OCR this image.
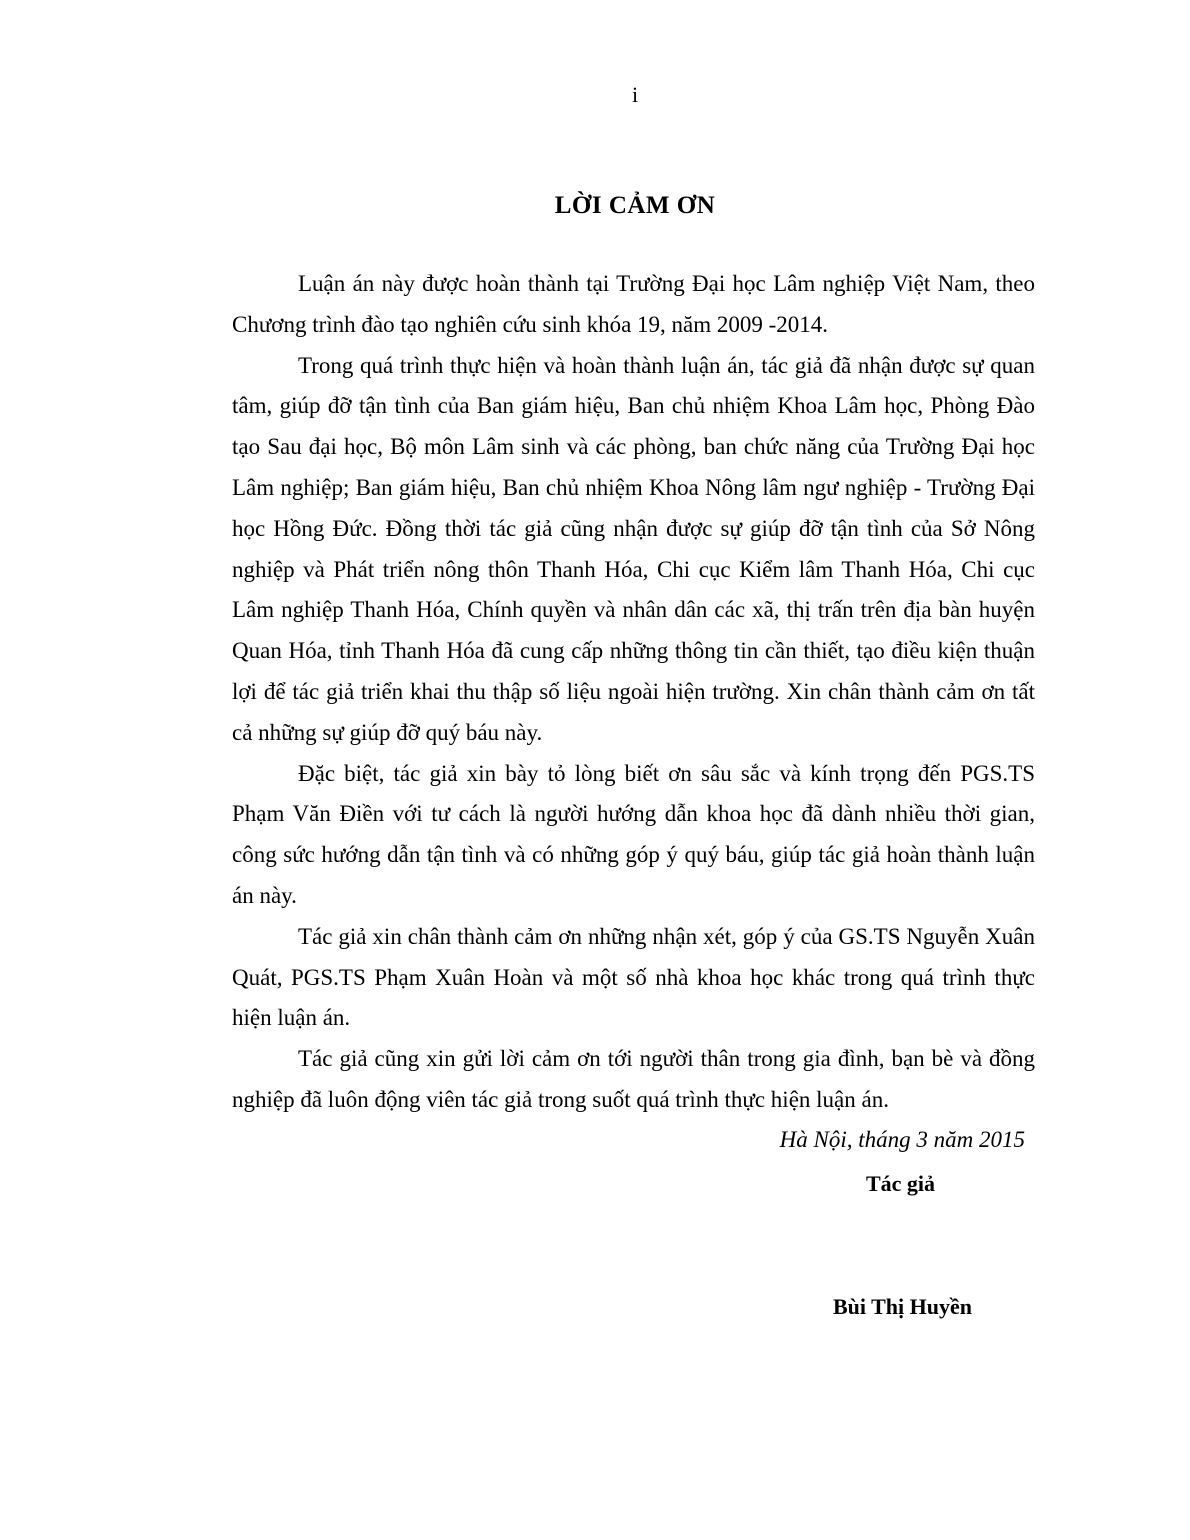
i
LỜI CẢM ƠN

Luận án này được hoàn thành tại Trường Đại học Lâm nghiệp Việt Nam, theo Chương trình đào tạo nghiên cứu sinh khóa 19, năm 2009 -2014.

Trong quá trình thực hiện và hoàn thành luận án, tác giả đã nhận được sự quan tâm, giúp đỡ tận tình của Ban giám hiệu, Ban chủ nhiệm Khoa Lâm học, Phòng Đào tạo Sau đại học, Bộ môn Lâm sinh và các phòng, ban chức năng của Trường Đại học Lâm nghiệp; Ban giám hiệu, Ban chủ nhiệm Khoa Nông lâm ngư nghiệp - Trường Đại học Hồng Đức. Đồng thời tác giả cũng nhận được sự giúp đỡ tận tình của Sở Nông nghiệp và Phát triển nông thôn Thanh Hóa, Chi cục Kiểm lâm Thanh Hóa, Chi cục Lâm nghiệp Thanh Hóa, Chính quyền và nhân dân các xã, thị trấn trên địa bàn huyện Quan Hóa, tỉnh Thanh Hóa đã cung cấp những thông tin cần thiết, tạo điều kiện thuận lợi để tác giả triển khai thu thập số liệu ngoài hiện trường. Xin chân thành cảm ơn tất cả những sự giúp đỡ quý báu này.

Đặc biệt, tác giả xin bày tỏ lòng biết ơn sâu sắc và kính trọng đến PGS.TS Phạm Văn Điền với tư cách là người hướng dẫn khoa học đã dành nhiều thời gian, công sức hướng dẫn tận tình và có những góp ý quý báu, giúp tác giả hoàn thành luận án này.

Tác giả xin chân thành cảm ơn những nhận xét, góp ý của GS.TS Nguyễn Xuân Quát, PGS.TS Phạm Xuân Hoàn và một số nhà khoa học khác trong quá trình thực hiện luận án.

Tác giả cũng xin gửi lời cảm ơn tới người thân trong gia đình, bạn bè và đồng nghiệp đã luôn động viên tác giả trong suốt quá trình thực hiện luận án.

Hà Nội, tháng 3 năm 2015
Tác giả
Bùi Thị Huyền
